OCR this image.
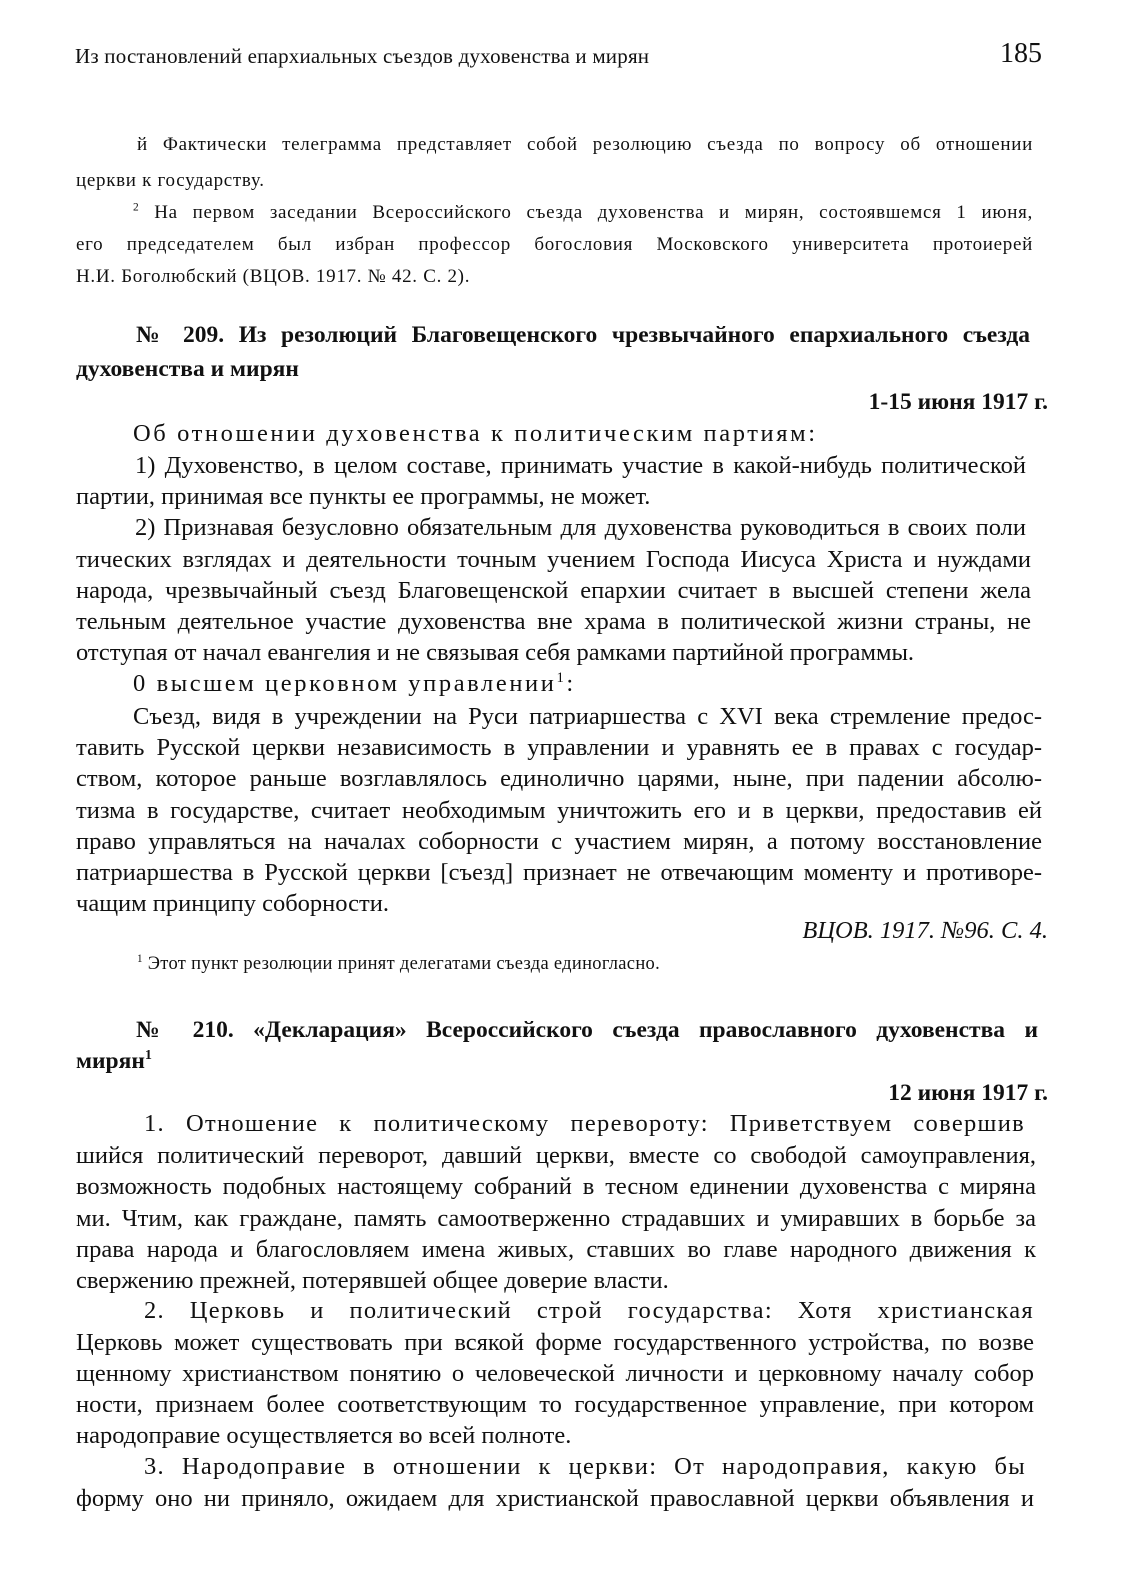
Из постановлений епархиальных съездов духовенства и мирян	185

й Фактически телеграмма представляет собой резолюцию съезда по вопросу об отношении

церкви к государству.

$^2$ На первом заседании Всероссийского съезда духовенства и мирян, состоявшемся 1 июня,

его председателем был избран профессор богословия Московского университета протоиерей

Н.И. Боголюбский (ВЦОВ. 1917. № 42. С. 2).

№ 209. Из резолюций Благовещенского чрезвычайного епархиального съезда

духовенства и мирян

1-15 июня 1917 г.

Об отношении духовенства к политическим партиям:

1) Духовенство, в целом составе, принимать участие в какой-нибудь политической

партии, принимая все пункты ее программы, не может.

2) Признавая безусловно обязательным для духовенства руководиться в своих поли

тических взглядах и деятельности точным учением Господа Иисуса Христа и нуждами

народа, чрезвычайный съезд Благовещенской епархии считает в высшей степени жела

тельным деятельное участие духовенства вне храма в политической жизни страны, не

отступая от начал евангелия и не связывая себя рамками партийной программы.

0 высшем церковном управлении$^1$:

Съезд, видя в учреждении на Руси патриаршества с XVI века стремление предос-

тавить Русской церкви независимость в управлении и уравнять ее в правах с государ-

ством, которое раньше возглавлялось единолично царями, ныне, при падении абсолю-

тизма в государстве, считает необходимым уничтожить его и в церкви, предоставив ей

право управляться на началах соборности с участием мирян, а потому восстановление

патриаршества в Русской церкви [съезд] признает не отвечающим моменту и противоре-

чащим принципу соборности.

ВЦОВ. 1917. №96. С. 4.

$^1$ Этот пункт резолюции принят делегатами съезда единогласно.

№ 210. «Декларация» Всероссийского съезда православного духовенства и

мирян$^1$

12 июня 1917 г.

1. Отношение к политическому перевороту: Приветствуем совершив

шийся политический переворот, давший церкви, вместе со свободой самоуправления,

возможность подобных настоящему собраний в тесном единении духовенства с миряна

ми. Чтим, как граждане, память самоотверженно страдавших и умиравших в борьбе за

права народа и благословляем имена живых, ставших во главе народного движения к

свержению прежней, потерявшей общее доверие власти.

2. Церковь и политический строй государства: Хотя христианская

Церковь может существовать при всякой форме государственного устройства, по возве

щенному христианством понятию о человеческой личности и церковному началу собор

ности, признаем более соответствующим то государственное управление, при котором

народоправие осуществляется во всей полноте.

3. Народоправие в отношении к церкви: От народоправия, какую бы

форму оно ни приняло, ожидаем для христианской православной церкви объявления и
